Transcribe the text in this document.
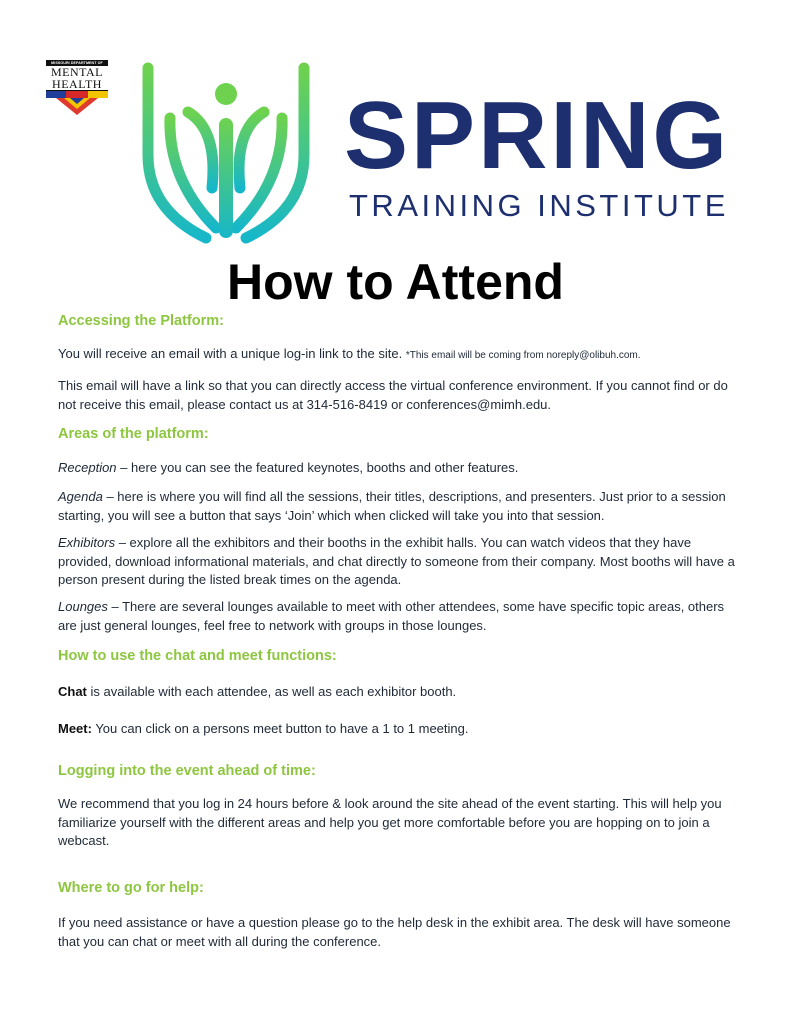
MISSOURI DEPARTMENT OF
MENTAL
HEALTH	SPRING
TRAINING INSTITUTE
How to Attend
Accessing the Platform:
You will receive an email with a unique log-in link to the site. *This email will be coming from noreply@olibuh.com.
This email will have a link so that you can directly access the virtual conference environment. If you cannot find or do not receive this email, please contact us at 314-516-8419 or conferences@mimh.edu.
Areas of the platform:
Reception – here you can see the featured keynotes, booths and other features.
Agenda – here is where you will find all the sessions, their titles, descriptions, and presenters. Just prior to a session starting, you will see a button that says ‘Join’ which when clicked will take you into that session.
Exhibitors – explore all the exhibitors and their booths in the exhibit halls. You can watch videos that they have provided, download informational materials, and chat directly to someone from their company. Most booths will have a person present during the listed break times on the agenda.
Lounges – There are several lounges available to meet with other attendees, some have specific topic areas, others are just general lounges, feel free to network with groups in those lounges.
How to use the chat and meet functions:
Chat is available with each attendee, as well as each exhibitor booth.
Meet: You can click on a persons meet button to have a 1 to 1 meeting.
Logging into the event ahead of time:
We recommend that you log in 24 hours before & look around the site ahead of the event starting. This will help you familiarize yourself with the different areas and help you get more comfortable before you are hopping on to join a webcast.
Where to go for help:
If you need assistance or have a question please go to the help desk in the exhibit area. The desk will have someone that you can chat or meet with all during the conference.
